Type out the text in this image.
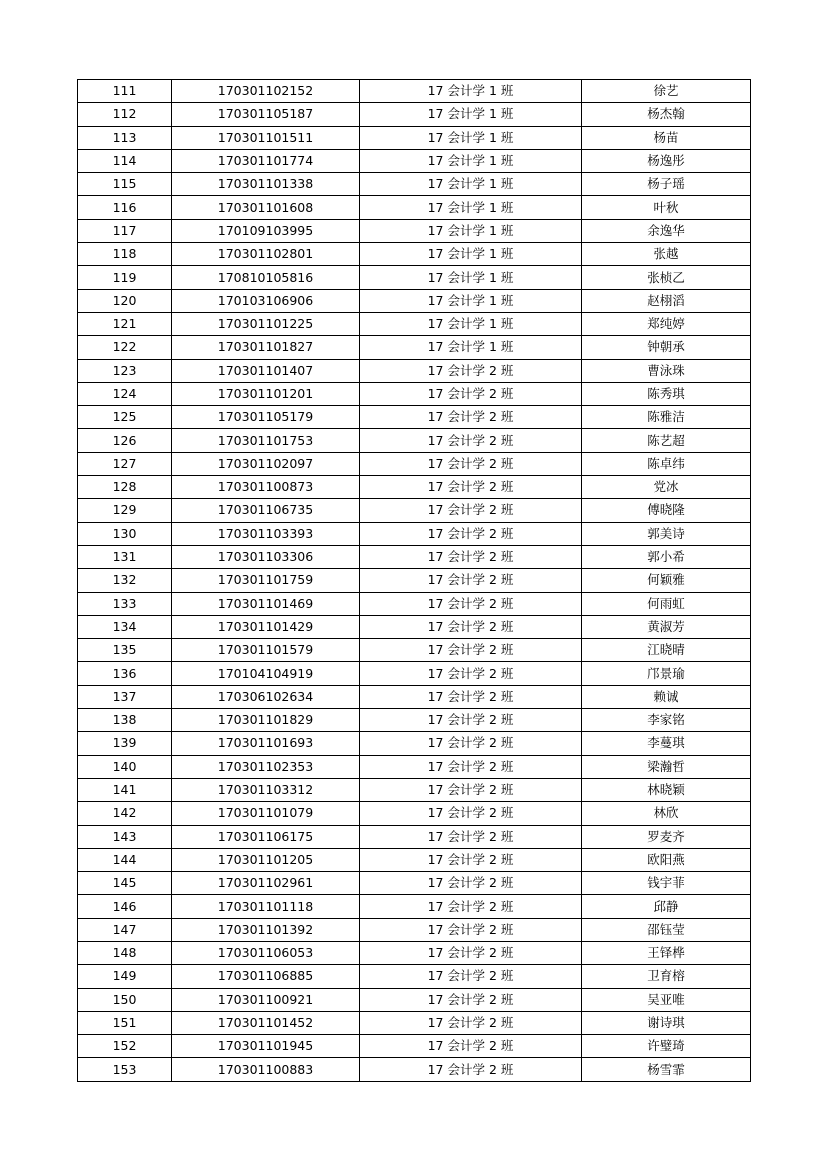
111	170301102152	17 会计学 1 班	徐艺
112	170301105187	17 会计学 1 班	杨杰翰
113	170301101511	17 会计学 1 班	杨苗
114	170301101774	17 会计学 1 班	杨逸彤
115	170301101338	17 会计学 1 班	杨子瑶
116	170301101608	17 会计学 1 班	叶秋
117	170109103995	17 会计学 1 班	余逸华
118	170301102801	17 会计学 1 班	张越
119	170810105816	17 会计学 1 班	张桢乙
120	170103106906	17 会计学 1 班	赵栩滔
121	170301101225	17 会计学 1 班	郑纯婷
122	170301101827	17 会计学 1 班	钟朝承
123	170301101407	17 会计学 2 班	曹泳珠
124	170301101201	17 会计学 2 班	陈秀琪
125	170301105179	17 会计学 2 班	陈雅洁
126	170301101753	17 会计学 2 班	陈艺超
127	170301102097	17 会计学 2 班	陈卓纬
128	170301100873	17 会计学 2 班	党冰
129	170301106735	17 会计学 2 班	傅晓隆
130	170301103393	17 会计学 2 班	郭美诗
131	170301103306	17 会计学 2 班	郭小希
132	170301101759	17 会计学 2 班	何颖雅
133	170301101469	17 会计学 2 班	何雨虹
134	170301101429	17 会计学 2 班	黄淑芳
135	170301101579	17 会计学 2 班	江晓晴
136	170104104919	17 会计学 2 班	邝景瑜
137	170306102634	17 会计学 2 班	赖诚
138	170301101829	17 会计学 2 班	李家铭
139	170301101693	17 会计学 2 班	李蔓琪
140	170301102353	17 会计学 2 班	梁瀚哲
141	170301103312	17 会计学 2 班	林晓颖
142	170301101079	17 会计学 2 班	林欣
143	170301106175	17 会计学 2 班	罗麦齐
144	170301101205	17 会计学 2 班	欧阳燕
145	170301102961	17 会计学 2 班	钱宇菲
146	170301101118	17 会计学 2 班	邱静
147	170301101392	17 会计学 2 班	邵钰莹
148	170301106053	17 会计学 2 班	王铎桦
149	170301106885	17 会计学 2 班	卫育榕
150	170301100921	17 会计学 2 班	吴亚唯
151	170301101452	17 会计学 2 班	谢诗琪
152	170301101945	17 会计学 2 班	许璧琦
153	170301100883	17 会计学 2 班	杨雪霏
